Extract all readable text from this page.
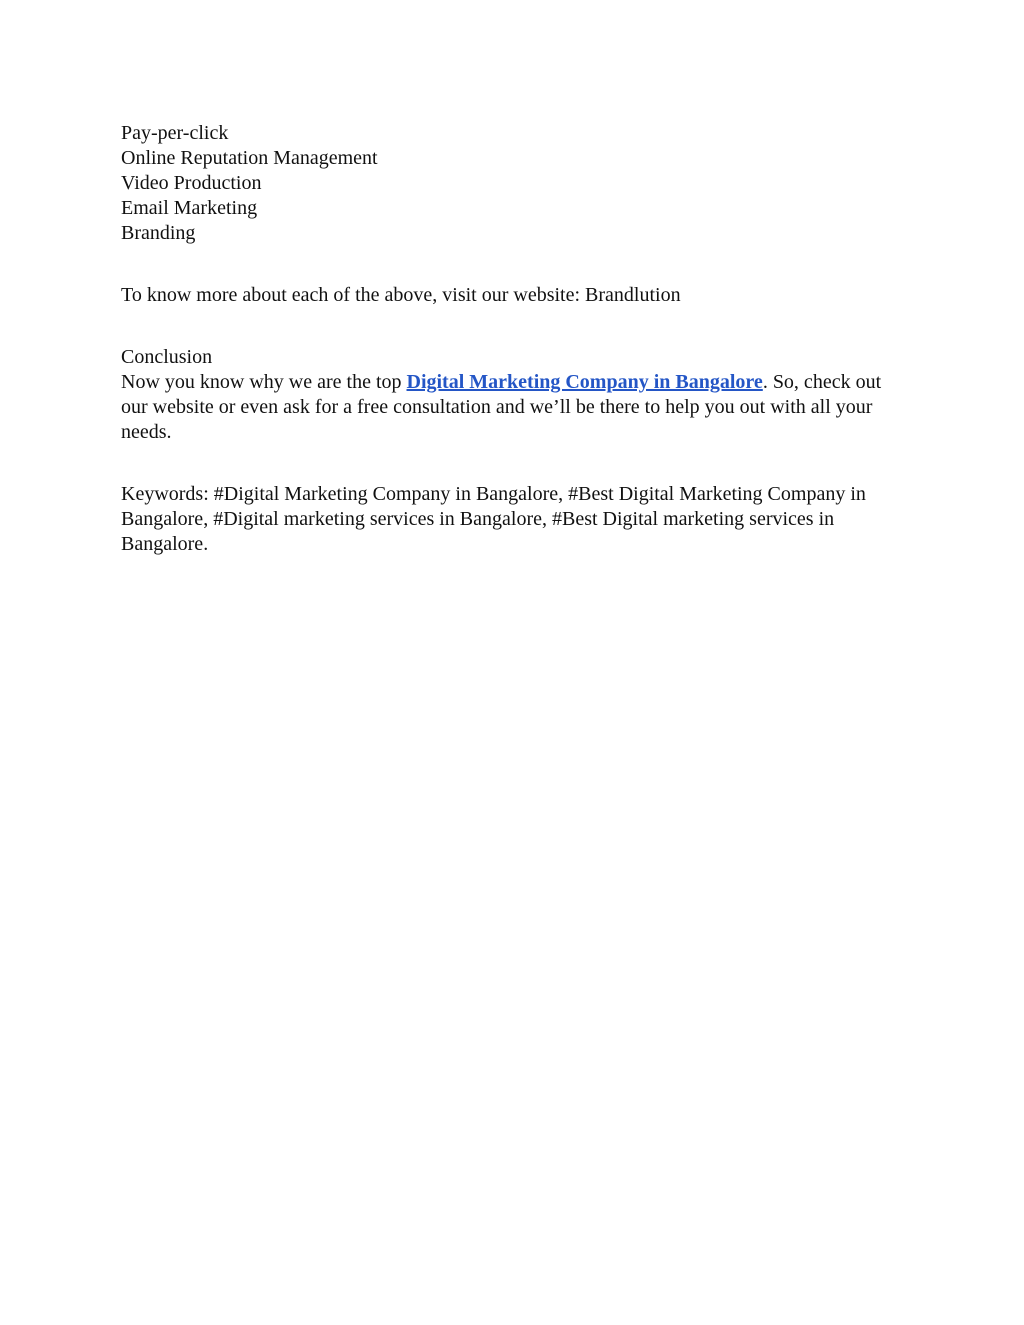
Pay-per-click
Online Reputation Management
Video Production
Email Marketing
Branding

To know more about each of the above, visit our website: Brandlution

Conclusion

Now you know why we are the top Digital Marketing Company in Bangalore. So, check out our website or even ask for a free consultation and we’ll be there to help you out with all your needs.

Keywords: #Digital Marketing Company in Bangalore, #Best Digital Marketing Company in Bangalore, #Digital marketing services in Bangalore, #Best Digital marketing services in Bangalore.
